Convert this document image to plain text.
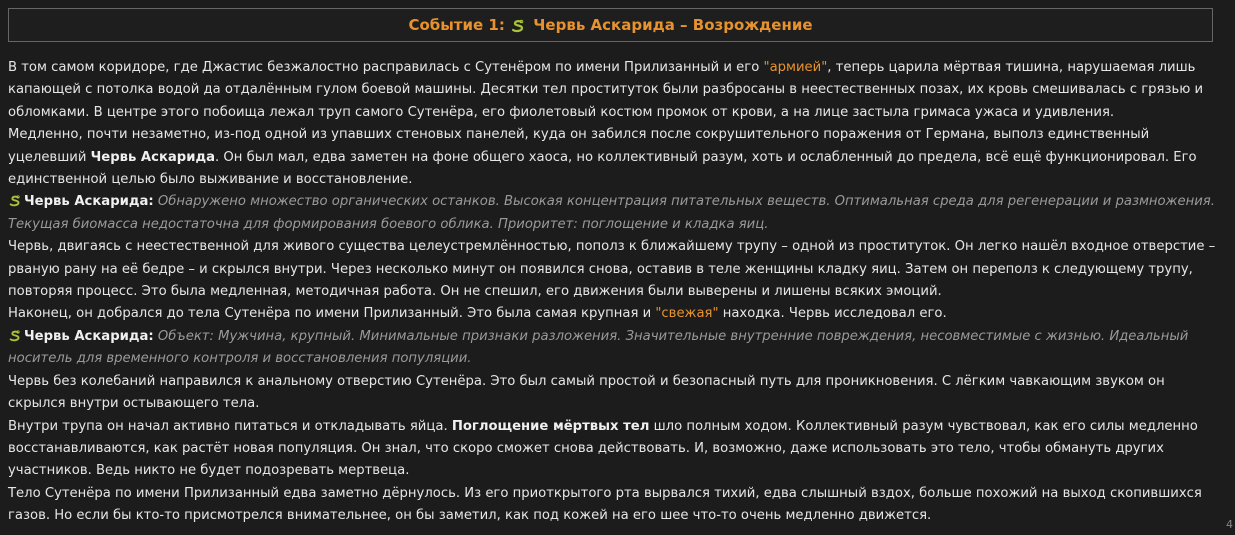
Событие 1:  Червь Аскарида – Возрождение

В том самом коридоре, где Джастис безжалостно расправилась с Сутенёром по имени Прилизанный и его "армией", теперь царила мёртвая тишина, нарушаемая лишь капающей с потолка водой да отдалённым гулом боевой машины. Десятки тел проституток были разбросаны в неестественных позах, их кровь смешивалась с грязью и обломками. В центре этого побоища лежал труп самого Сутенёра, его фиолетовый костюм промок от крови, а на лице застыла гримаса ужаса и удивления.

Медленно, почти незаметно, из-под одной из упавших стеновых панелей, куда он забился после сокрушительного поражения от Германа, выполз единственный уцелевший Червь Аскарида. Он был мал, едва заметен на фоне общего хаоса, но коллективный разум, хоть и ослабленный до предела, всё ещё функционировал. Его единственной целью было выживание и восстановление.

Червь Аскарида: Обнаружено множество органических останков. Высокая концентрация питательных веществ. Оптимальная среда для регенерации и размножения. Текущая биомасса недостаточна для формирования боевого облика. Приоритет: поглощение и кладка яиц.

Червь, двигаясь с неестественной для живого существа целеустремлённостью, пополз к ближайшему трупу – одной из проституток. Он легко нашёл входное отверстие – рваную рану на её бедре – и скрылся внутри. Через несколько минут он появился снова, оставив в теле женщины кладку яиц. Затем он переполз к следующему трупу, повторяя процесс. Это была медленная, методичная работа. Он не спешил, его движения были выверены и лишены всяких эмоций.

Наконец, он добрался до тела Сутенёра по имени Прилизанный. Это была самая крупная и "свежая" находка. Червь исследовал его.

Червь Аскарида: Объект: Мужчина, крупный. Минимальные признаки разложения. Значительные внутренние повреждения, несовместимые с жизнью. Идеальный носитель для временного контроля и восстановления популяции.

Червь без колебаний направился к анальному отверстию Сутенёра. Это был самый простой и безопасный путь для проникновения. С лёгким чавкающим звуком он скрылся внутри остывающего тела.

Внутри трупа он начал активно питаться и откладывать яйца. Поглощение мёртвых тел шло полным ходом. Коллективный разум чувствовал, как его силы медленно восстанавливаются, как растёт новая популяция. Он знал, что скоро сможет снова действовать. И, возможно, даже использовать это тело, чтобы обмануть других участников. Ведь никто не будет подозревать мертвеца.

Тело Сутенёра по имени Прилизанный едва заметно дёрнулось. Из его приоткрытого рта вырвался тихий, едва слышный вздох, больше похожий на выход скопившихся газов. Но если бы кто-то присмотрелся внимательнее, он бы заметил, как под кожей на его шее что-то очень медленно движется.

4
